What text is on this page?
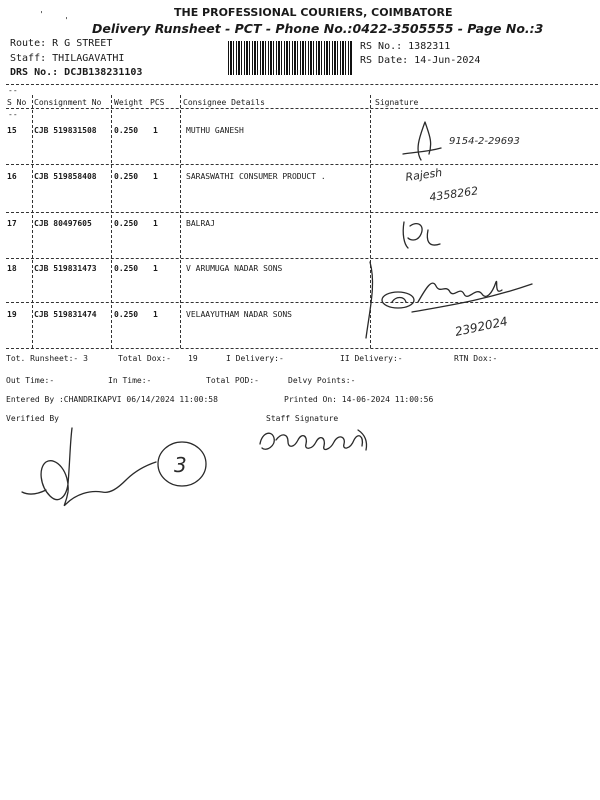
'
'
THE PROFESSIONAL COURIERS, COIMBATORE
Delivery Runsheet - PCT - Phone No.:0422-3505555 - Page No.:3
Route: R G STREET
Staff: THILAGAVATHI
DRS No.: DCJB138231103
RS No.: 1382311
RS Date: 14-Jun-2024
--
--
S No Consignment No Weight PCS Consignee Details	Signature
15 CJB 519831508 0.250 1	MUTHU GANESH
16 CJB 519858408 0.250 1	SARASWATHI CONSUMER PRODUCT .
17 CJB 80497605	0.250 1	BALRAJ
18 CJB 519831473 0.250 1	V ARUMUGA NADAR SONS
19 CJB 519831474 0.250 1	VELAAYUTHAM NADAR SONS
9154-2-29693
Rajesh
4358262
2392024
Tot. Runsheet:- 3	Total Dox:- 19	I Delivery:-	II Delivery:-	RTN Dox:-
Out Time:-	In Time:-	Total POD:-	Delvy Points:-
Entered By :CHANDRIKAPVI 06/14/2024 11:00:58	Printed On: 14-06-2024 11:00:56
Verified By	Staff Signature
3
